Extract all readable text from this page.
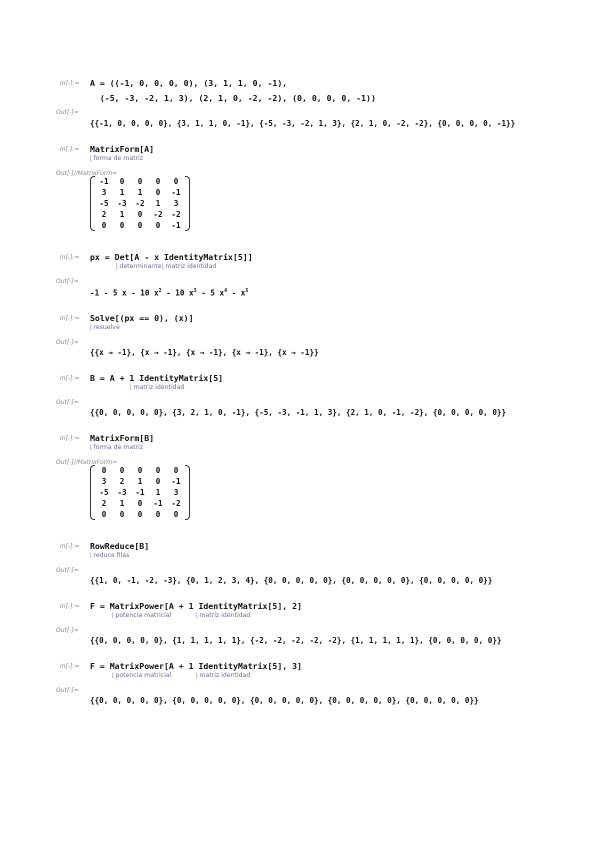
In[-]:= A = ((-1, 0, 0, 0, 0), (3, 1, 1, 0, -1),
(-5, -3, -2, 1, 3), (2, 1, 0, -2, -2), (0, 0, 0, 0, -1))
Out[-]=
{{-1, 0, 0, 0, 0}, {3, 1, 1, 0, -1}, {-5, -3, -2, 1, 3}, {2, 1, 0, -2, -2}, {0, 0, 0, 0, -1}}
In[-]:= MatrixForm[A]
⌊ forma de matriz
Out[-]//MatrixForm=
-1	0	0	0	0
3	1	1	0	-1
-5	-3	-2	1	3
2	1	0	-2	-2
0	0	0	0	-1
In[-]:= px = Det[A - x IdentityMatrix[5]]
⌊ determinante ⌊ matriz identidad
Out[-]=
-1 - 5 x - 10 $x^2 - 10$ $x^3 - 5$ $x^4 - x^5$
In[-]:= Solve[(px == 0), (x)]
⌊ resuelve
Out[-]=
{{x → -1}, {x → -1}, {x → -1}, {x → -1}, {x → -1}}
In[-]:= B = A + 1 IdentityMatrix[5]
⌊ matriz identidad
Out[-]=
{{0, 0, 0, 0, 0}, {3, 2, 1, 0, -1}, {-5, -3, -1, 1, 3}, {2, 1, 0, -1, -2}, {0, 0, 0, 0, 0}}
In[-]:= MatrixForm[B]
⌊ forma de matriz
Out[-]//MatrixForm=
0	0	0	0	0
3	2	1	0	-1
-5	-3	-1	1	3
2	1	0	-1	-2
0	0	0	0	0
In[-]:= RowReduce[B]
⌊ reduce filas
Out[-]=
{{1, 0, -1, -2, -3}, {0, 1, 2, 3, 4}, {0, 0, 0, 0, 0}, {0, 0, 0, 0, 0}, {0, 0, 0, 0, 0}}
In[-]:= F = MatrixPower[A + 1 IdentityMatrix[5], 2]
⌊ potencia matricial	⌊ matriz identidad
Out[-]=
{{0, 0, 0, 0, 0}, {1, 1, 1, 1, 1}, {-2, -2, -2, -2, -2}, {1, 1, 1, 1, 1}, {0, 0, 0, 0, 0}}
In[-]:= F = MatrixPower[A + 1 IdentityMatrix[5], 3]
⌊ potencia matricial	⌊ matriz identidad
Out[-]=
{{0, 0, 0, 0, 0}, {0, 0, 0, 0, 0}, {0, 0, 0, 0, 0}, {0, 0, 0, 0, 0}, {0, 0, 0, 0, 0}}
